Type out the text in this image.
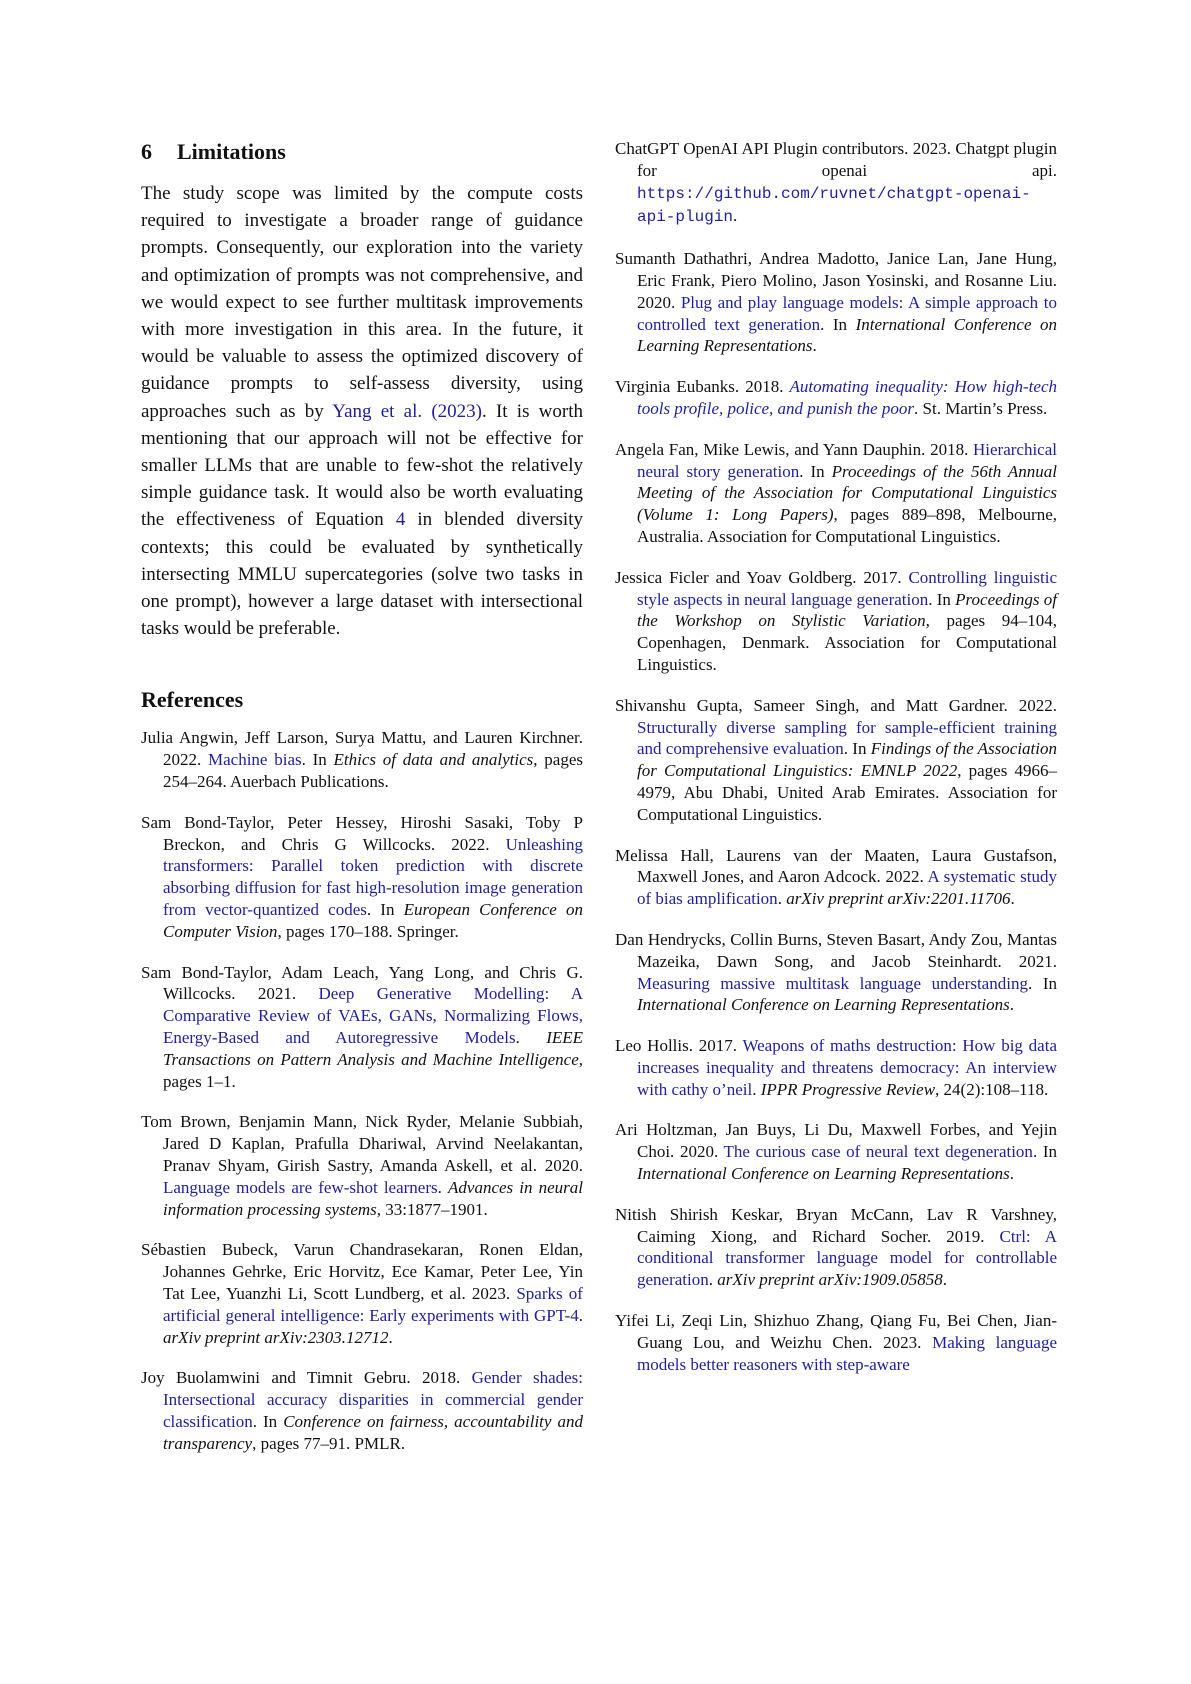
6 Limitations

The study scope was limited by the compute costs required to investigate a broader range of guidance prompts. Consequently, our exploration into the variety and optimization of prompts was not comprehensive, and we would expect to see further multitask improvements with more investigation in this area. In the future, it would be valuable to assess the optimized discovery of guidance prompts to self-assess diversity, using approaches such as by Yang et al. (2023). It is worth mentioning that our approach will not be effective for smaller LLMs that are unable to few-shot the relatively simple guidance task. It would also be worth evaluating the effectiveness of Equation 4 in blended diversity contexts; this could be evaluated by synthetically intersecting MMLU supercategories (solve two tasks in one prompt), however a large dataset with intersectional tasks would be preferable.

References

Julia Angwin, Jeff Larson, Surya Mattu, and Lauren Kirchner. 2022. Machine bias. In Ethics of data and analytics, pages 254–264. Auerbach Publications.

Sam Bond-Taylor, Peter Hessey, Hiroshi Sasaki, Toby P Breckon, and Chris G Willcocks. 2022. Unleashing transformers: Parallel token prediction with discrete absorbing diffusion for fast high-resolution image generation from vector-quantized codes. In European Conference on Computer Vision, pages 170–188. Springer.

Sam Bond-Taylor, Adam Leach, Yang Long, and Chris G. Willcocks. 2021. Deep Generative Modelling: A Comparative Review of VAEs, GANs, Normalizing Flows, Energy-Based and Autoregressive Models. IEEE Transactions on Pattern Analysis and Machine Intelligence, pages 1–1.

Tom Brown, Benjamin Mann, Nick Ryder, Melanie Subbiah, Jared D Kaplan, Prafulla Dhariwal, Arvind Neelakantan, Pranav Shyam, Girish Sastry, Amanda Askell, et al. 2020. Language models are few-shot learners. Advances in neural information processing systems, 33:1877–1901.

Sébastien Bubeck, Varun Chandrasekaran, Ronen Eldan, Johannes Gehrke, Eric Horvitz, Ece Kamar, Peter Lee, Yin Tat Lee, Yuanzhi Li, Scott Lundberg, et al. 2023. Sparks of artificial general intelligence: Early experiments with GPT-4. arXiv preprint arXiv:2303.12712.

Joy Buolamwini and Timnit Gebru. 2018. Gender shades: Intersectional accuracy disparities in commercial gender classification. In Conference on fairness, accountability and transparency, pages 77–91. PMLR.

ChatGPT OpenAI API Plugin contributors. 2023. Chatgpt plugin for openai api. https://github.com/ruvnet/chatgpt-openai-api-plugin.

Sumanth Dathathri, Andrea Madotto, Janice Lan, Jane Hung, Eric Frank, Piero Molino, Jason Yosinski, and Rosanne Liu. 2020. Plug and play language models: A simple approach to controlled text generation. In International Conference on Learning Representations.

Virginia Eubanks. 2018. Automating inequality: How high-tech tools profile, police, and punish the poor. St. Martin’s Press.

Angela Fan, Mike Lewis, and Yann Dauphin. 2018. Hierarchical neural story generation. In Proceedings of the 56th Annual Meeting of the Association for Computational Linguistics (Volume 1: Long Papers), pages 889–898, Melbourne, Australia. Association for Computational Linguistics.

Jessica Ficler and Yoav Goldberg. 2017. Controlling linguistic style aspects in neural language generation. In Proceedings of the Workshop on Stylistic Variation, pages 94–104, Copenhagen, Denmark. Association for Computational Linguistics.

Shivanshu Gupta, Sameer Singh, and Matt Gardner. 2022. Structurally diverse sampling for sample-efficient training and comprehensive evaluation. In Findings of the Association for Computational Linguistics: EMNLP 2022, pages 4966–4979, Abu Dhabi, United Arab Emirates. Association for Computational Linguistics.

Melissa Hall, Laurens van der Maaten, Laura Gustafson, Maxwell Jones, and Aaron Adcock. 2022. A systematic study of bias amplification. arXiv preprint arXiv:2201.11706.

Dan Hendrycks, Collin Burns, Steven Basart, Andy Zou, Mantas Mazeika, Dawn Song, and Jacob Steinhardt. 2021. Measuring massive multitask language understanding. In International Conference on Learning Representations.

Leo Hollis. 2017. Weapons of maths destruction: How big data increases inequality and threatens democracy: An interview with cathy o’neil. IPPR Progressive Review, 24(2):108–118.

Ari Holtzman, Jan Buys, Li Du, Maxwell Forbes, and Yejin Choi. 2020. The curious case of neural text degeneration. In International Conference on Learning Representations.

Nitish Shirish Keskar, Bryan McCann, Lav R Varshney, Caiming Xiong, and Richard Socher. 2019. Ctrl: A conditional transformer language model for controllable generation. arXiv preprint arXiv:1909.05858.

Yifei Li, Zeqi Lin, Shizhuo Zhang, Qiang Fu, Bei Chen, Jian-Guang Lou, and Weizhu Chen. 2023. Making language models better reasoners with step-aware
